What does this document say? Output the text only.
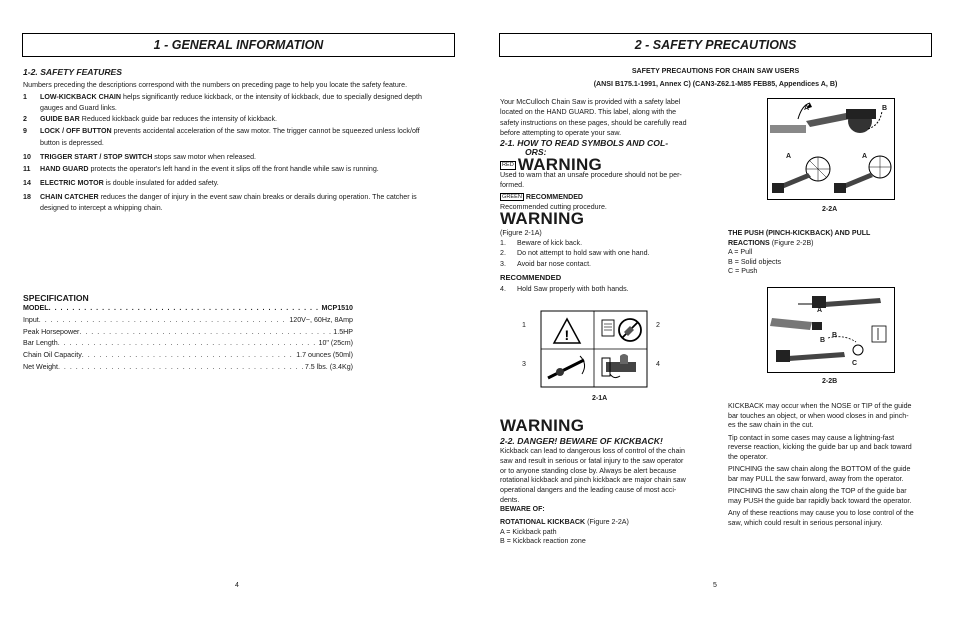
1 - GENERAL INFORMATION
1-2. SAFETY FEATURES
Numbers preceding the descriptions correspond with the numbers on preceding page to help you locate the safety feature.
1	LOW-KICKBACK CHAIN helps significantly reduce kickback, or the intensity of kickback, due to specially designed depth
gauges and Guard links.
2	GUIDE BAR Reduced kickback guide bar reduces the intensity of kickback.
9	LOCK / OFF BUTTON prevents accidental acceleration of the saw motor. The trigger cannot be squeezed unless lock/off
button is depressed.
10	TRIGGER START / STOP SWITCH stops saw motor when released.
11	HAND GUARD protects the operator's left hand in the event it slips off the front handle while saw is running.
14	ELECTRIC MOTOR is double insulated for added safety.
18	CHAIN CATCHER reduces the danger of injury in the event saw chain breaks or derails during operation. The catcher is
designed to intercept a whipping chain.
SPECIFICATION
MODEL . . .	MCP1510
Input . . .	120V~, 60Hz, 8Amp
Peak Horsepower . . .	1.5HP
Bar Length . . .	10" (25cm)
Chain Oil Capacity . . .	1.7 ounces (50ml)
Net Weight . . .	7.5 lbs. (3.4Kg)
4
2 - SAFETY PRECAUTIONS
SAFETY PRECAUTIONS FOR CHAIN SAW USERS
(ANSI B175.1-1991, Annex C) (CAN3-Z62.1-M85 FEB85, Appendices A, B)
Your McCulloch Chain Saw is provided with a safety label
located on the HAND GUARD. This label, along with the
safety instructions on these pages, should be carefully read
before attempting to operate your saw.
2-1. HOW TO READ SYMBOLS AND COL-
ORS:
RED WARNING
Used to warn that an unsafe procedure should not be per-
formed.
GREEN RECOMMENDED
Recommended cutting procedure.
WARNING
(Figure 2-1A)
1.	Beware of kick back.
2.	Do not attempt to hold saw with one hand.
3.	Avoid bar nose contact.
RECOMMENDED
4.	Hold Saw properly with both hands.
1	2
3	4
!
2-1A
WARNING
2-2. DANGER! BEWARE OF KICKBACK!
Kickback can lead to dangerous loss of control of the chain
saw and result in serious or fatal injury to the saw operator
or to anyone standing close by. Always be alert because
rotational kickback and pinch kickback are major chain saw
operational dangers and the leading cause of most acci-
dents.
BEWARE OF:
ROTATIONAL KICKBACK (Figure 2-2A)
A = Kickback path
B = Kickback reaction zone
5
A	B
A	A
2-2A
THE PUSH (PINCH-KICKBACK) AND PULL
REACTIONS (Figure 2-2B)
A = Pull
B = Solid objects
C = Push
A
B
B
C
2-2B
KICKBACK may occur when the NOSE or TIP of the guide
bar touches an object, or when wood closes in and pinch-
es the saw chain in the cut.
Tip contact in some cases may cause a lightning-fast
reverse reaction, kicking the guide bar up and back toward
the operator.
PINCHING the saw chain along the BOTTOM of the guide
bar may PULL the saw forward, away from the operator.
PINCHING the saw chain along the TOP of the guide bar
may PUSH the guide bar rapidly back toward the operator.
Any of these reactions may cause you to lose control of the
saw, which could result in serious personal injury.
